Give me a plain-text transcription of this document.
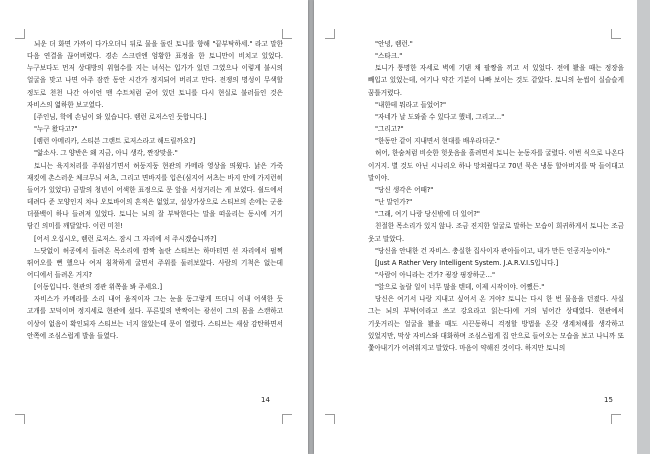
뇌운 더 화면 가까이 다가오더니 뒤로 물을 돌린 토니를 향해 "끝부탁하세." 라고 말한 다음 연결을 끊어버렸다. 경손 스크린엔 엄황한 표정을 한 토니만이 비치고 있었다. 누구보다도 먼저 상대방의 위협수를 지는 녀석는 입가가 있던 그였으나 이렇게 불시의 얼굴을 맞고 나면 아주 잠깐 동안 시간가 정지되어 버리고 만다. 전쟁의 명성이 무색할 정도로 천천 나간 아이언 맨 수트처럼 굳어 있던 토니를 다시 현실로 불러들인 것은 자비스의 엷하한 보고였다.

[주인님, 학에 손님이 와 있습니다. 렘런 로저스인 듯합니다.]

"누구 왔다고?"

[렘런 아메리카, 스티븐 그랜트 로저스라고 해드릴까요?]

"앎소사. 그 양반은 왜 지금, 아니 생각, 짠장맞을."

토니는 육지처리를 주워섬기면서 허둥지둥 현관의 카메라 영상을 띄웠다. 낡은 가죽 재킷에 촌스러운 체크무늬 셔츠, 그리고 면바지를 입은(심지어 셔츠는 바지 안에 가지런히 들어가 있었다) 금발의 청년이 어색한 표정으로 문 앞을 서성거리는 게 보였다. 쉴드에서 데려다 준 모양인지 차나 오토바이의 흔적은 없었고, 설상가상으로 스티브의 손에는 군용 더플백이 하나 들려져 있었다. 토니는 뇌의 잘 부탁한다는 말을 떠올리는 동시에 거기 담긴 의미를 깨달았다. 이런 미친!

[어서 오십시오, 렘런 로저스. 잠시 그 자리에 서 주시겠습니까?]

느닷없이 허공에서 들려온 목소리에 깜짝 놀란 스티브는 하마터면 선 자리에서 펄쩍 뛰어오를 뻔 했으나 여저 침착하게 굴면서 주위를 둘러보았다. 사람의 기척은 없는데 어디에서 들려온 거지?

[이동입니다. 현관의 경관 위쪽을 봐 주세요.]

자비스가 카메라를 소리 내어 움직이자 그는 눈을 동그랗게 뜨더니 이내 어색한 듯 고개를 꼬덕이며 정지세로 현관에 섰다. 푸른빛의 반짝이는 광선이 그의 몸을 스캔하고 이상이 없음이 확인되자 스티브는 너지 않았는데 문이 열렸다. 스티브는 새삼 감탄하면서 안쪽에 조심스럽게 발을 들였다.

14

"안녕, 렘런."

"스타크."

토니가 퉁명한 자세로 벽에 기댄 채 팔짱을 끼고 서 있었다. 전에 봤을 때는 정장을 빼입고 있었는데, 여기나 약간 기분이 나빠 보이는 것도 같았다. 토니의 눈썹이 실슬슬게 꿈틀거렸다.

"내한테 뭐라고 들었어?"

"자네가 날 도와줄 수 있다고 했네, 그리고…"

"그리고?"

"한동안 같이 지내면서 현대를 배우라더군."

허어, 한숨처럼 비슷한 헛웃음을 흘려면서 토니는 눈동자를 굴렸다. 이번 식으로 나온다 이거지. 별 것도 아닌 시나리오 하나 망쳐줬다고 70년 묵은 냉동 할아버지를 딱 들이대고 말이야.

"당신 생각은 어때?"

"난 말인가?"

"그래, 여기 나랑 당신밖에 더 있어?"

친절한 목소리가 있지 않나. 조금 진지한 얼굴로 말하는 모습이 희귀하게서 토니는 조금 웃고 말았다.

"당신을 안내한 건 자비스. 충실한 집사이자 관아들이고, 내가 만든 인공지능이야."

[Just A Rather Very Intelligent System. J.A.R.V.I.S입니다.]

"사람이 아니라는 건가? 굉장 핑장하군…"

"앞으로 놀랄 일이 너무 많을 텐데, 이제 시작이야. 어쨌든."

당신은 여기서 나랑 지내고 싶어서 온 거야? 토니는 다시 한 번 물음을 던졌다. 사실 그는 뇌의 부탁(이라고 쓰고 강요라고 읽는다)에 거의 넘어간 상태였다. 현관에서 기웃거리는 얼굴을 봤을 때도 시끈동하니 걱정할 방법을 온갖 생계처해를 생각하고 있었지만, 막상 자비스와 대화하며 조심스럽게 집 안으로 들어오는 모습을 보고 나니까 또 쫓아내기가 어려워지고 말았다. 마음이 약해진 것이다. 하지만 토니의

15
